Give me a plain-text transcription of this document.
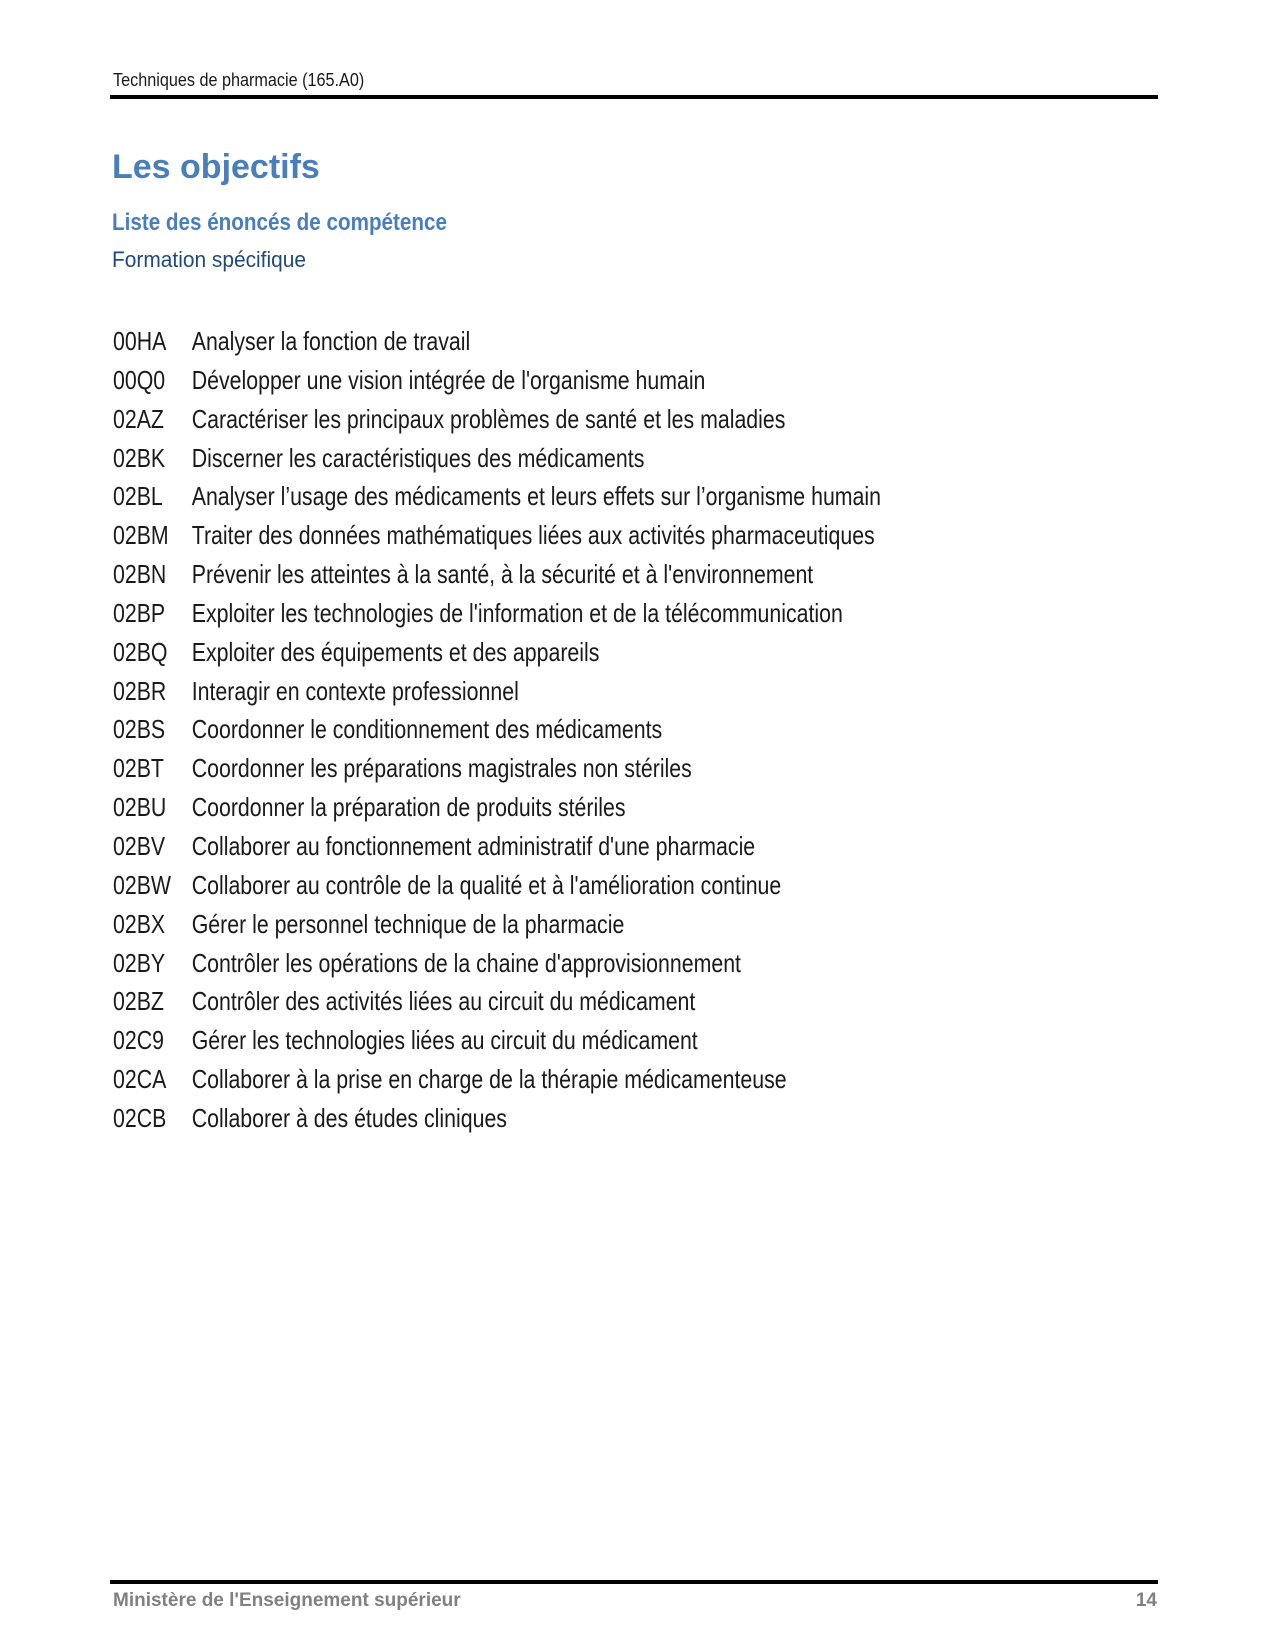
Techniques de pharmacie (165.A0)
Les objectifs
Liste des énoncés de compétence
Formation spécifique
00HA Analyser la fonction de travail
00Q0 Développer une vision intégrée de l'organisme humain
02AZ Caractériser les principaux problèmes de santé et les maladies
02BK Discerner les caractéristiques des médicaments
02BL Analyser l’usage des médicaments et leurs effets sur l’organisme humain
02BM Traiter des données mathématiques liées aux activités pharmaceutiques
02BN Prévenir les atteintes à la santé, à la sécurité et à l'environnement
02BP Exploiter les technologies de l'information et de la télécommunication
02BQ Exploiter des équipements et des appareils
02BR Interagir en contexte professionnel
02BS Coordonner le conditionnement des médicaments
02BT Coordonner les préparations magistrales non stériles
02BU Coordonner la préparation de produits stériles
02BV Collaborer au fonctionnement administratif d'une pharmacie
02BW Collaborer au contrôle de la qualité et à l'amélioration continue
02BX Gérer le personnel technique de la pharmacie
02BY Contrôler les opérations de la chaine d'approvisionnement
02BZ Contrôler des activités liées au circuit du médicament
02C9 Gérer les technologies liées au circuit du médicament
02CA Collaborer à la prise en charge de la thérapie médicamenteuse
02CB Collaborer à des études cliniques
Ministère de l'Enseignement supérieur	14
